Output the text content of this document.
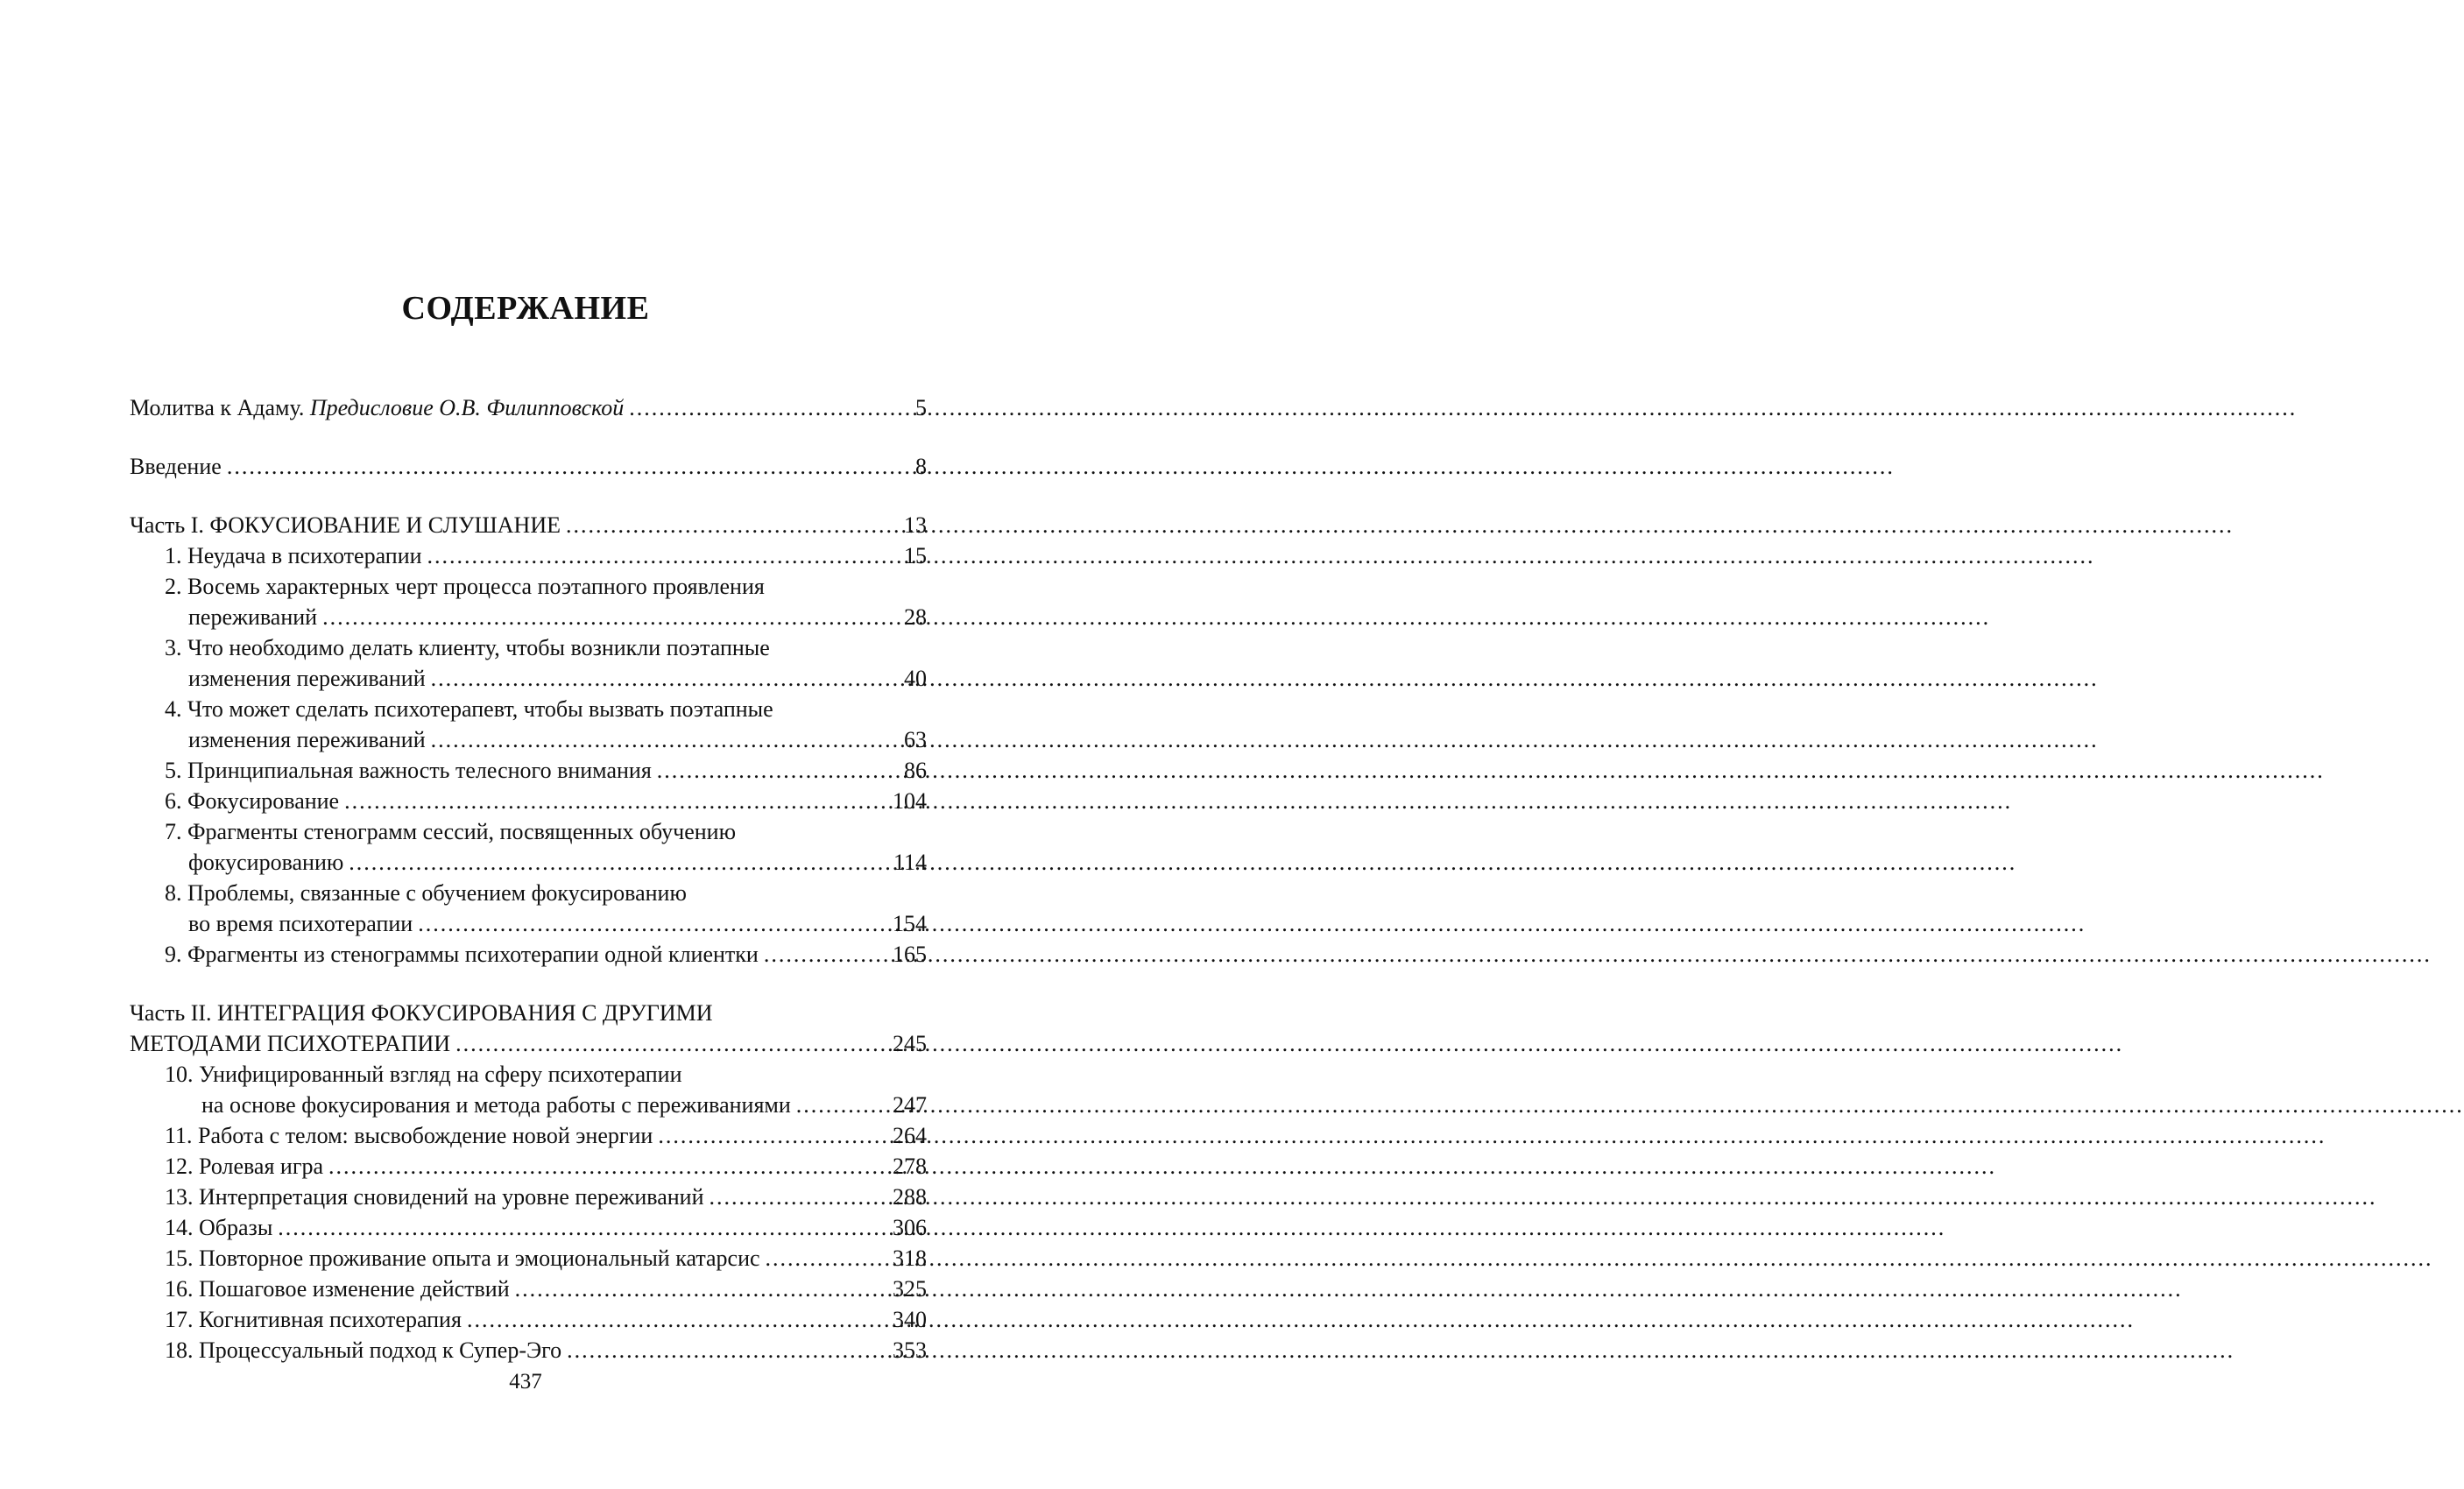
СОДЕРЖАНИЕ
Молитва к Адаму. Предисловие О.В. Филипповской .....	5
Введение .....	8
Часть I. ФОКУСИОВАНИЕ И СЛУШАНИЕ .....	13
1. Неудача в психотерапии .....	15
2. Восемь характерных черт процесса поэтапного проявления
переживаний .....	28
3. Что необходимо делать клиенту, чтобы возникли поэтапные
изменения переживаний .....	40
4. Что может сделать психотерапевт, чтобы вызвать поэтапные
изменения переживаний .....	63
5. Принципиальная важность телесного внимания .....	86
6. Фокусирование .....	104
7. Фрагменты стенограмм сессий, посвященных обучению
фокусированию .....	114
8. Проблемы, связанные с обучением фокусированию
во время психотерапии .....	154
9. Фрагменты из стенограммы психотерапии одной клиентки .....	165
Часть II. ИНТЕГРАЦИЯ ФОКУСИРОВАНИЯ С ДРУГИМИ
МЕТОДАМИ ПСИХОТЕРАПИИ .....	245
10. Унифицированный взгляд на сферу психотерапии
на основе фокусирования и метода работы с переживаниями .....	247
11. Работа с телом: высвобождение новой энергии .....	264
12. Ролевая игра .....	278
13. Интерпретация сновидений на уровне переживаний .....	288
14. Образы .....	306
15. Повторное проживание опыта и эмоциональный катарсис .....	318
16. Пошаговое изменение действий .....	325
17. Когнитивная психотерапия .....	340
18. Процессуальный подход к Супер-Эго .....	353
437
